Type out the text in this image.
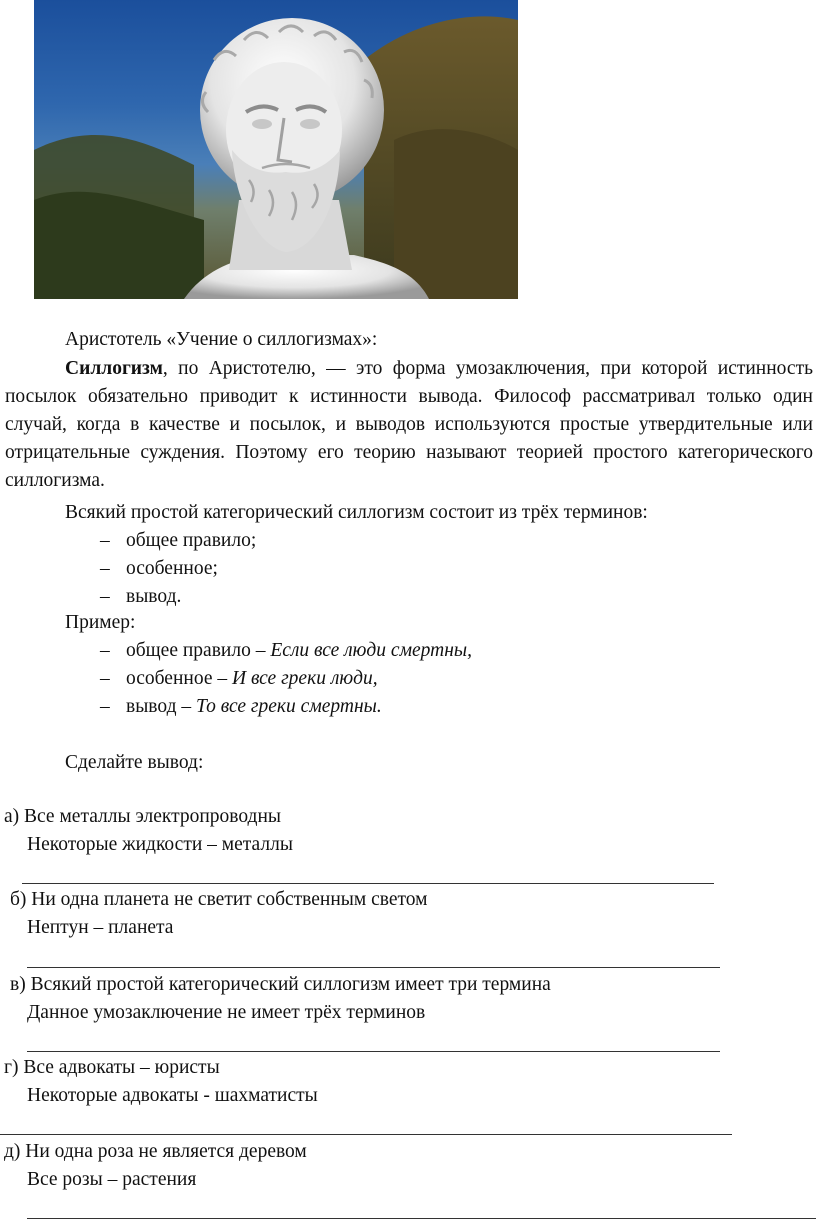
Аристотель «Учение о силлогизмах»:
Силлогизм, по Аристотелю, — это форма умозаключения, при которой истинность посылок обязательно приводит к истинности вывода. Философ рассматривал только один случай, когда в качестве и посылок, и выводов используются простые утвердительные или отрицательные суждения. Поэтому его теорию называют теорией простого категорического силлогизма.
Всякий простой категорический силлогизм состоит из трёх терминов:
– общее правило;
– особенное;
– вывод.
Пример:
– общее правило – Если все люди смертны,
– особенное – И все греки люди,
– вывод – То все греки смертны.
Сделайте вывод:
а) Все металлы электропроводны
Некоторые жидкости – металлы
б) Ни одна планета не светит собственным светом
Нептун – планета
в) Всякий простой категорический силлогизм имеет три термина
Данное умозаключение не имеет трёх терминов
г) Все адвокаты – юристы
Некоторые адвокаты - шахматисты
д) Ни одна роза не является деревом
Все розы – растения
